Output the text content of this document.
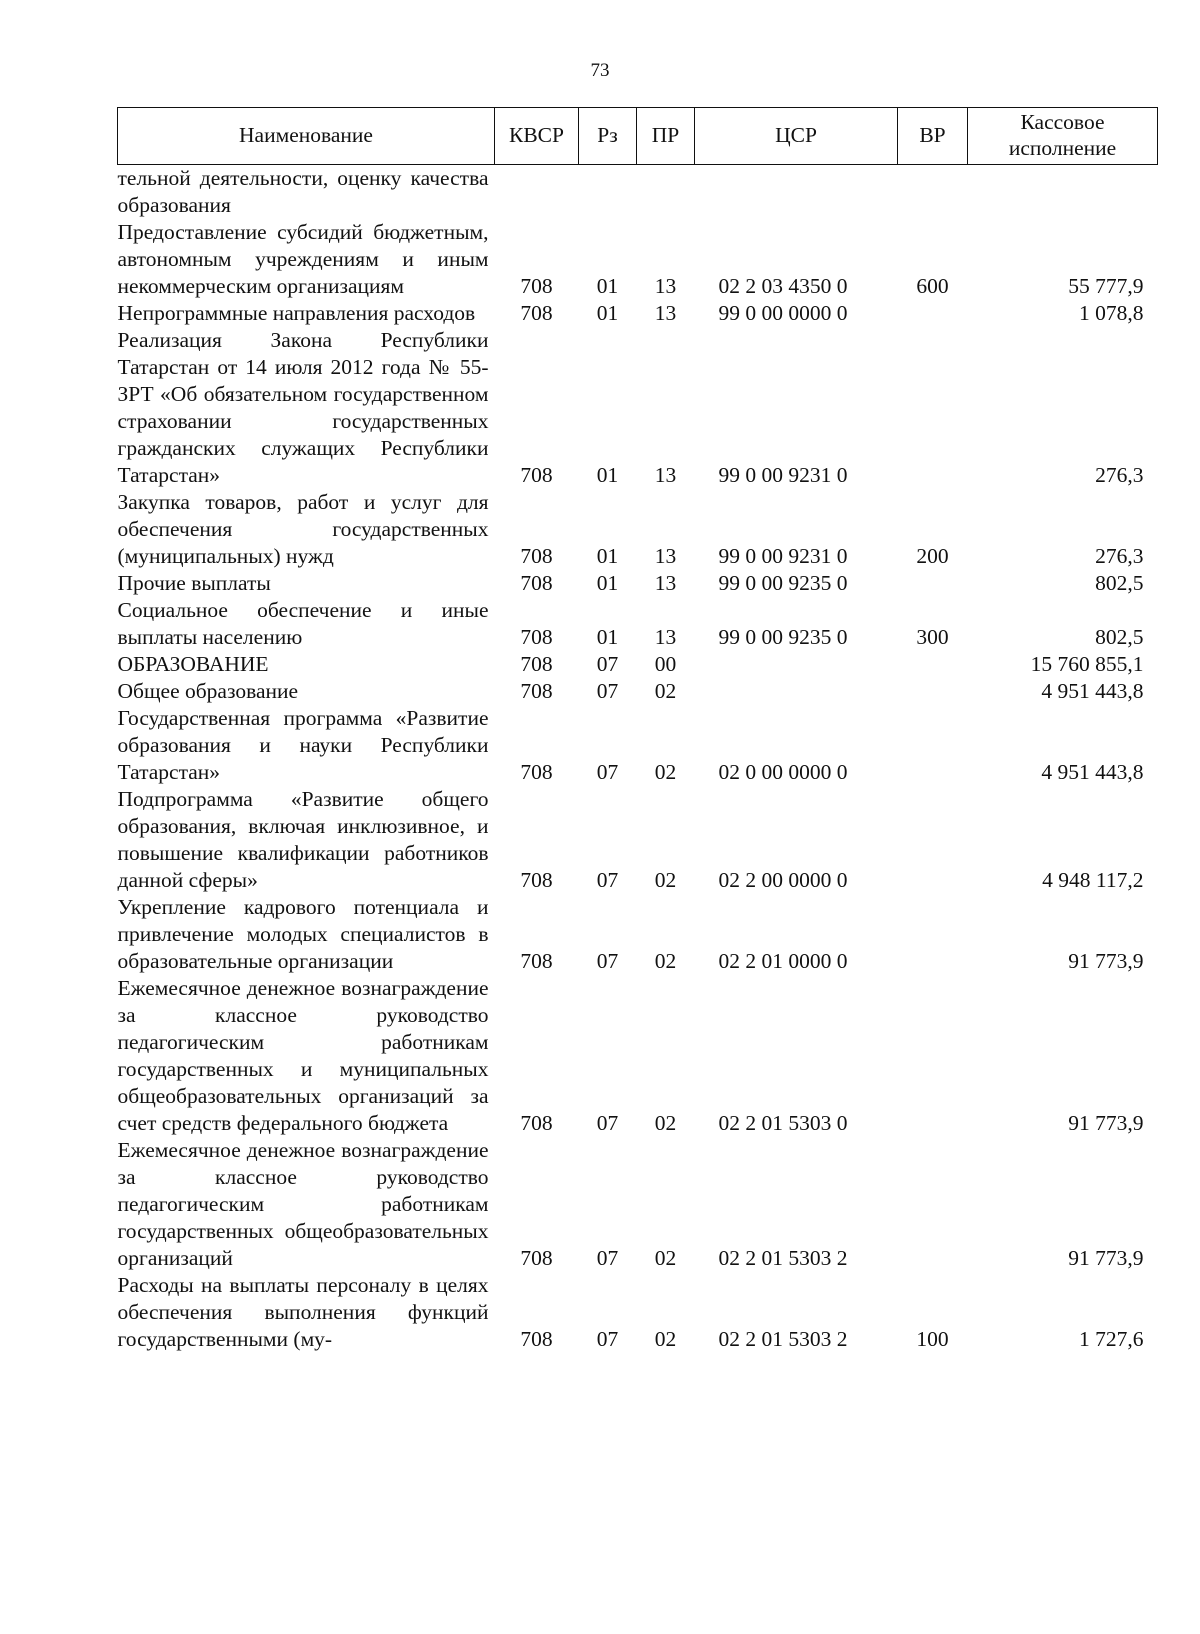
73
Наименование	КВСР	Рз	ПР	ЦСР	ВР	Кассовое исполнение
тельной деятельности, оценку качества образования						
Предоставление субсидий бюджетным, автономным учреждениям и иным некоммерческим организациям	708	01	13	02 2 03 4350 0	600	55 777,9
Непрограммные направления расходов	708	01	13	99 0 00 0000 0		1 078,8
Реализация Закона Республики Татарстан от 14 июля 2012 года № 55-ЗРТ «Об обязательном государственном страховании государственных гражданских служащих Республики Татарстан»	708	01	13	99 0 00 9231 0		276,3
Закупка товаров, работ и услуг для обеспечения государственных (муниципальных) нужд	708	01	13	99 0 00 9231 0	200	276,3
Прочие выплаты	708	01	13	99 0 00 9235 0		802,5
Социальное обеспечение и иные выплаты населению	708	01	13	99 0 00 9235 0	300	802,5
ОБРАЗОВАНИЕ	708	07	00			15 760 855,1
Общее образование	708	07	02			4 951 443,8
Государственная программа «Развитие образования и науки Республики Татарстан»	708	07	02	02 0 00 0000 0		4 951 443,8
Подпрограмма «Развитие общего образования, включая инклюзивное, и повышение квалификации работников данной сферы»	708	07	02	02 2 00 0000 0		4 948 117,2
Укрепление кадрового потенциала и привлечение молодых специалистов в образовательные организации	708	07	02	02 2 01 0000 0		91 773,9
Ежемесячное денежное вознаграждение за классное руководство педагогическим работникам государственных и муниципальных общеобразовательных организаций за счет средств федерального бюджета	708	07	02	02 2 01 5303 0		91 773,9
Ежемесячное денежное вознаграждение за классное руководство педагогическим работникам государственных общеобразовательных организаций	708	07	02	02 2 01 5303 2		91 773,9
Расходы на выплаты персоналу в целях обеспечения выполнения функций государственными (му-	708	07	02	02 2 01 5303 2	100	1 727,6
